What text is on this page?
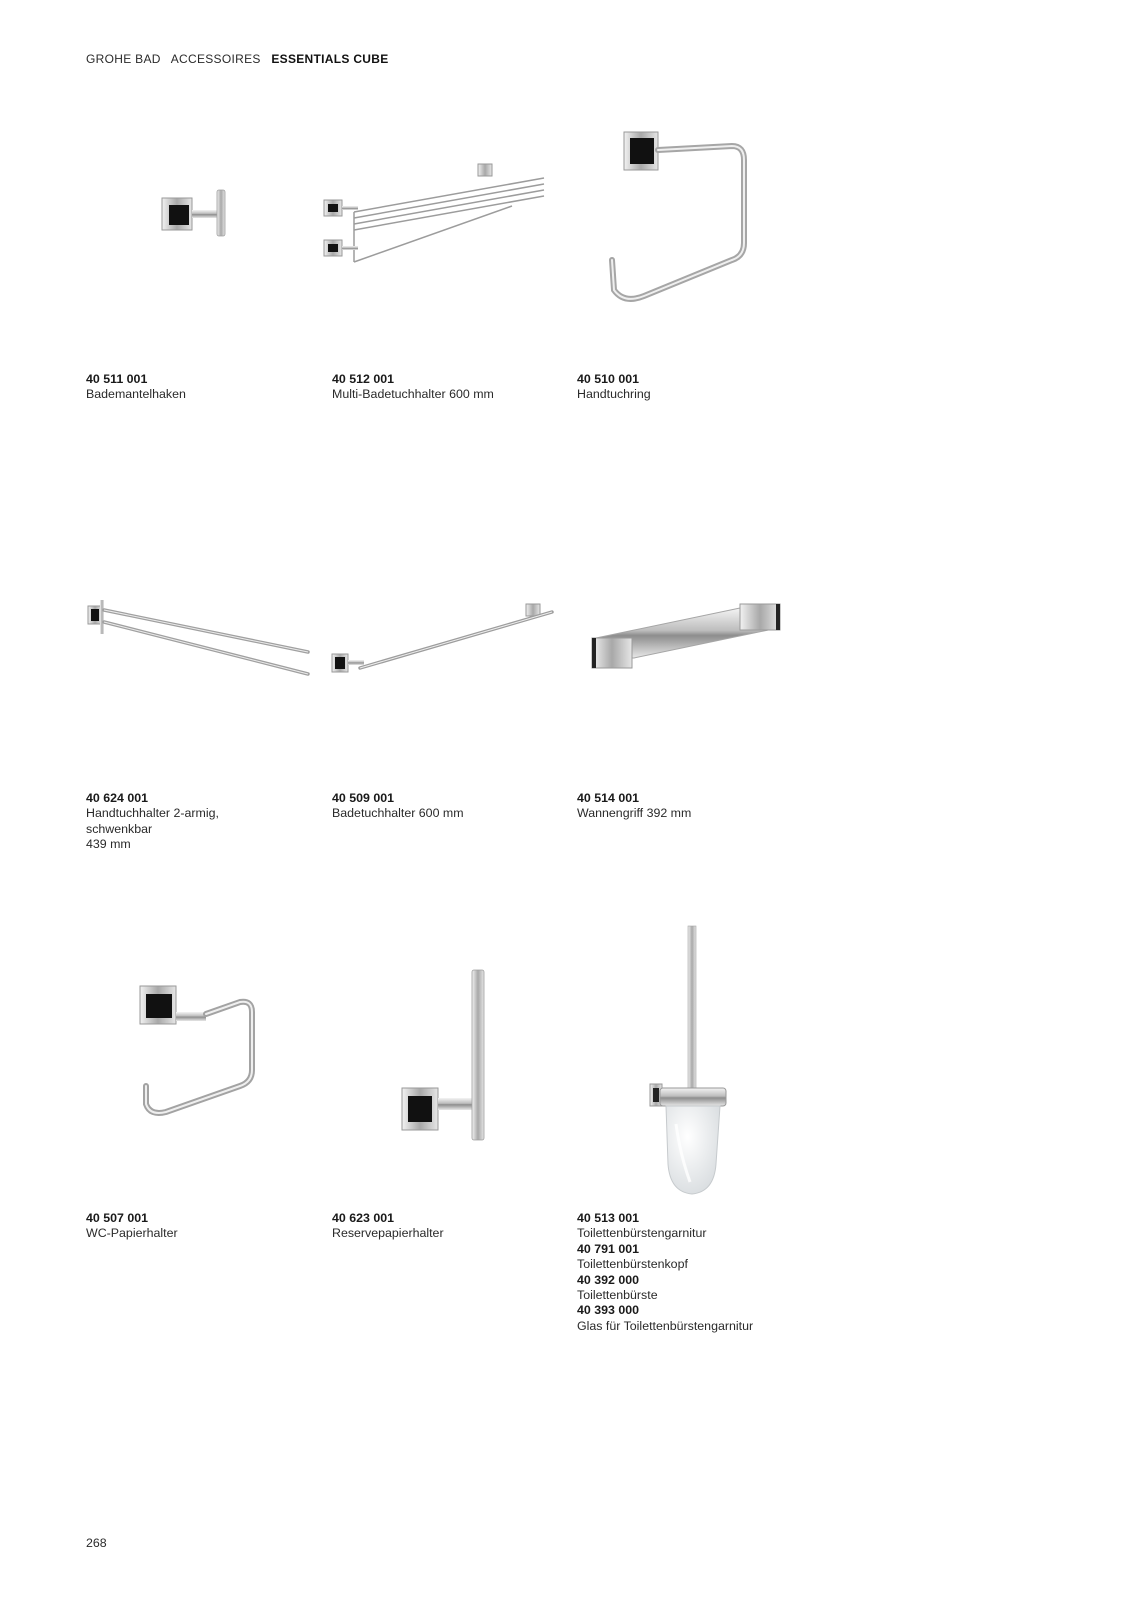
GROHE BAD ACCESSOIRES ESSENTIALS CUBE
40 511 001
Bademantelhaken
40 512 001
Multi-Badetuchhalter 600 mm
40 510 001
Handtuchring
40 624 001
Handtuchhalter 2-armig,
schwenkbar
439 mm
40 509 001
Badetuchhalter 600 mm
40 514 001
Wannengriff 392 mm
40 507 001
WC-Papierhalter
40 623 001
Reservepapierhalter
40 513 001
Toilettenbürstengarnitur
40 791 001
Toilettenbürstenkopf
40 392 000
Toilettenbürste
40 393 000
Glas für Toilettenbürstengarnitur
268
